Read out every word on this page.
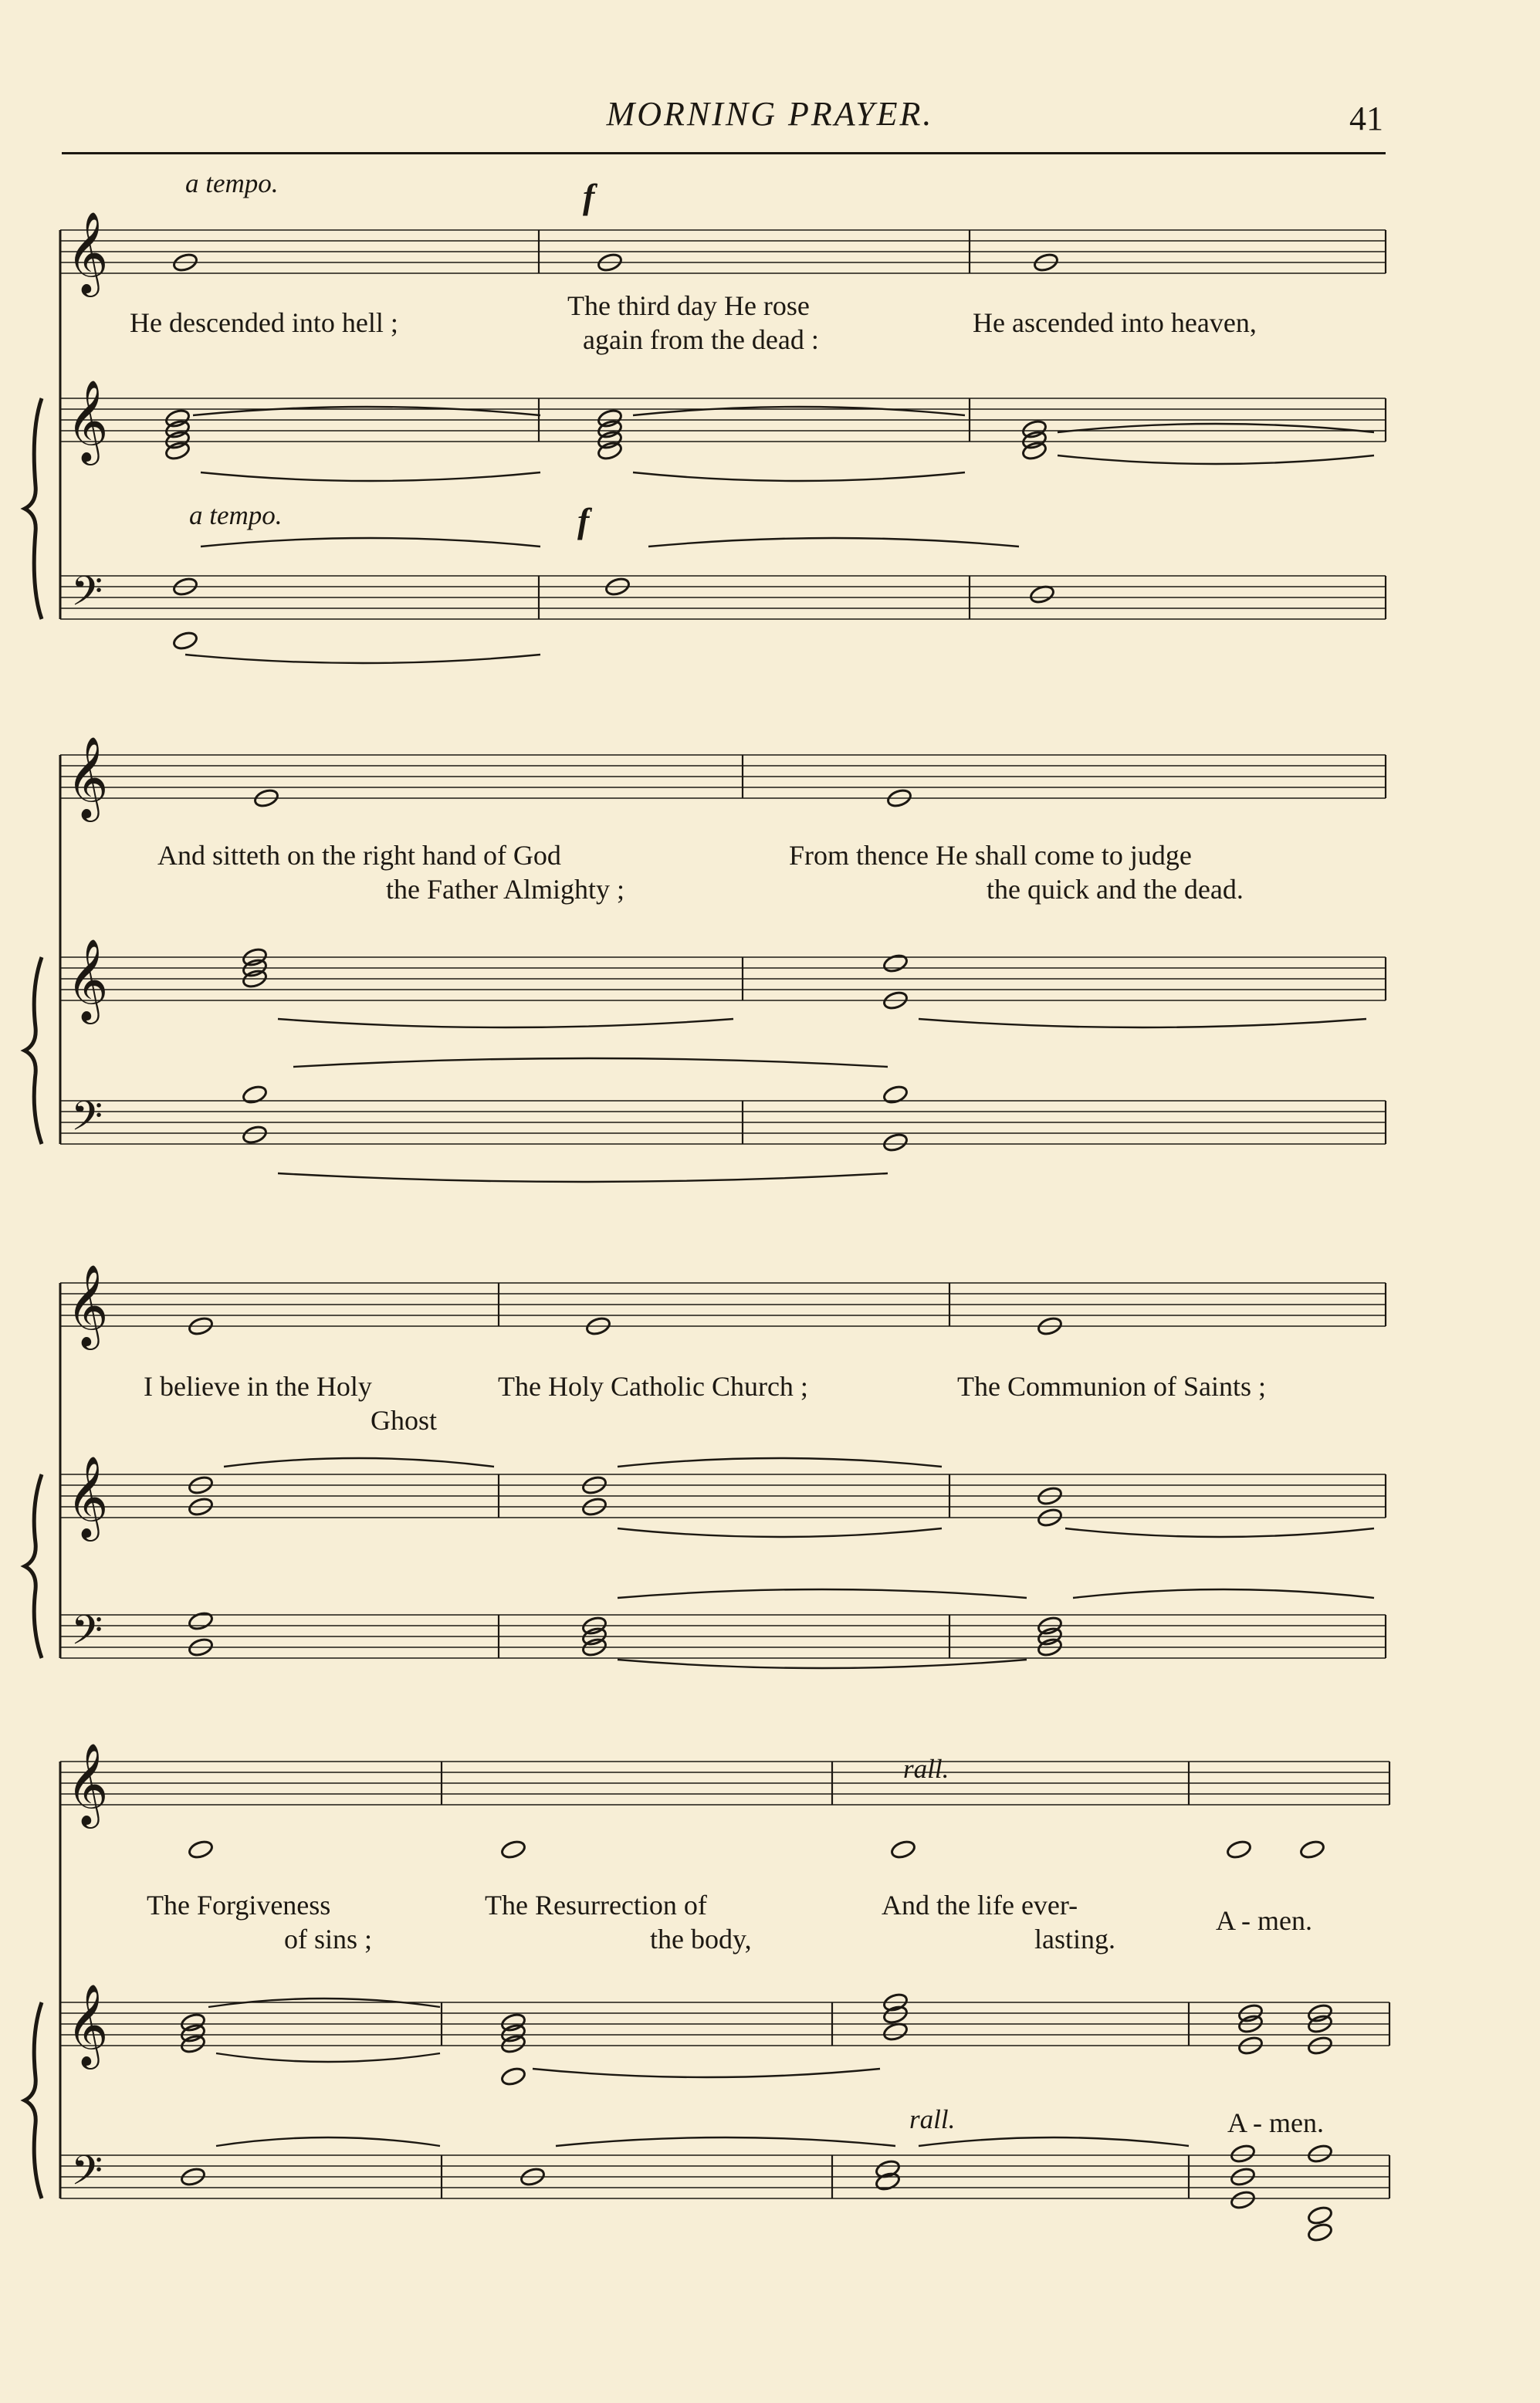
MORNING PRAYER.	41
𝄞
𝄞
𝄢
𝄞
𝄞
𝄢
𝄞
𝄞
𝄢
𝄞
𝄞
𝄢
a tempo.	f
He descended into hell ;
The third day He rose
again from the dead :
He ascended into heaven,
a tempo.	f
And sitteth on the right hand of God
the Father Almighty ;
From thence He shall come to judge
the quick and the dead.
I believe in the Holy
Ghost
The Holy Catholic Church ;	The Communion of Saints ;
rall.
The Forgiveness
of sins ;
The Resurrection of
the body,
And the life ever-
lasting.
A - men.
rall.	A - men.
